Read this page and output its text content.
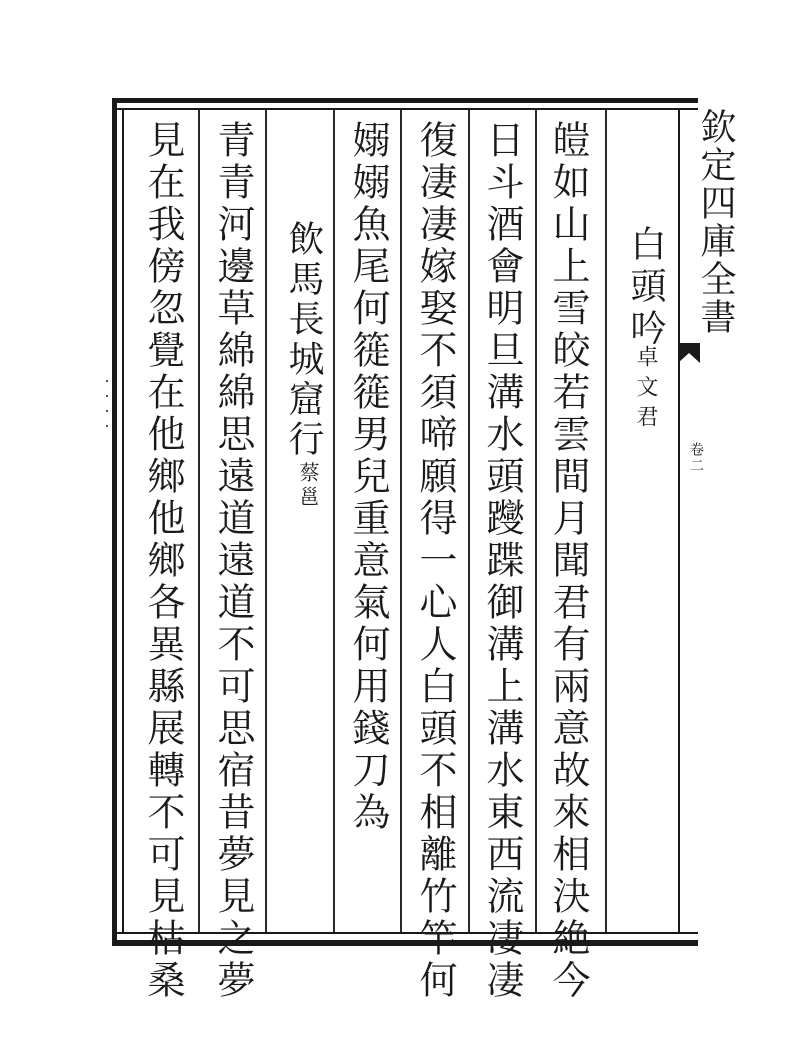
欽定四庫全書
卷二
白頭吟
卓文君
皚如山上雪皎若雲間月聞君有兩意故來相決絶今
日斗酒會明旦溝水頭躞蹀御溝上溝水東西流凄凄
復凄凄嫁娶不須啼願得一心人白頭不相離竹竿何
嫋嫋魚尾何簁簁男兒重意氣何用錢刀為
飲馬長城窟行
蔡邕
青青河邊草綿綿思遠道遠道不可思宿昔夢見之夢
見在我傍忽覺在他鄉他鄉各異縣展轉不可見枯桑
